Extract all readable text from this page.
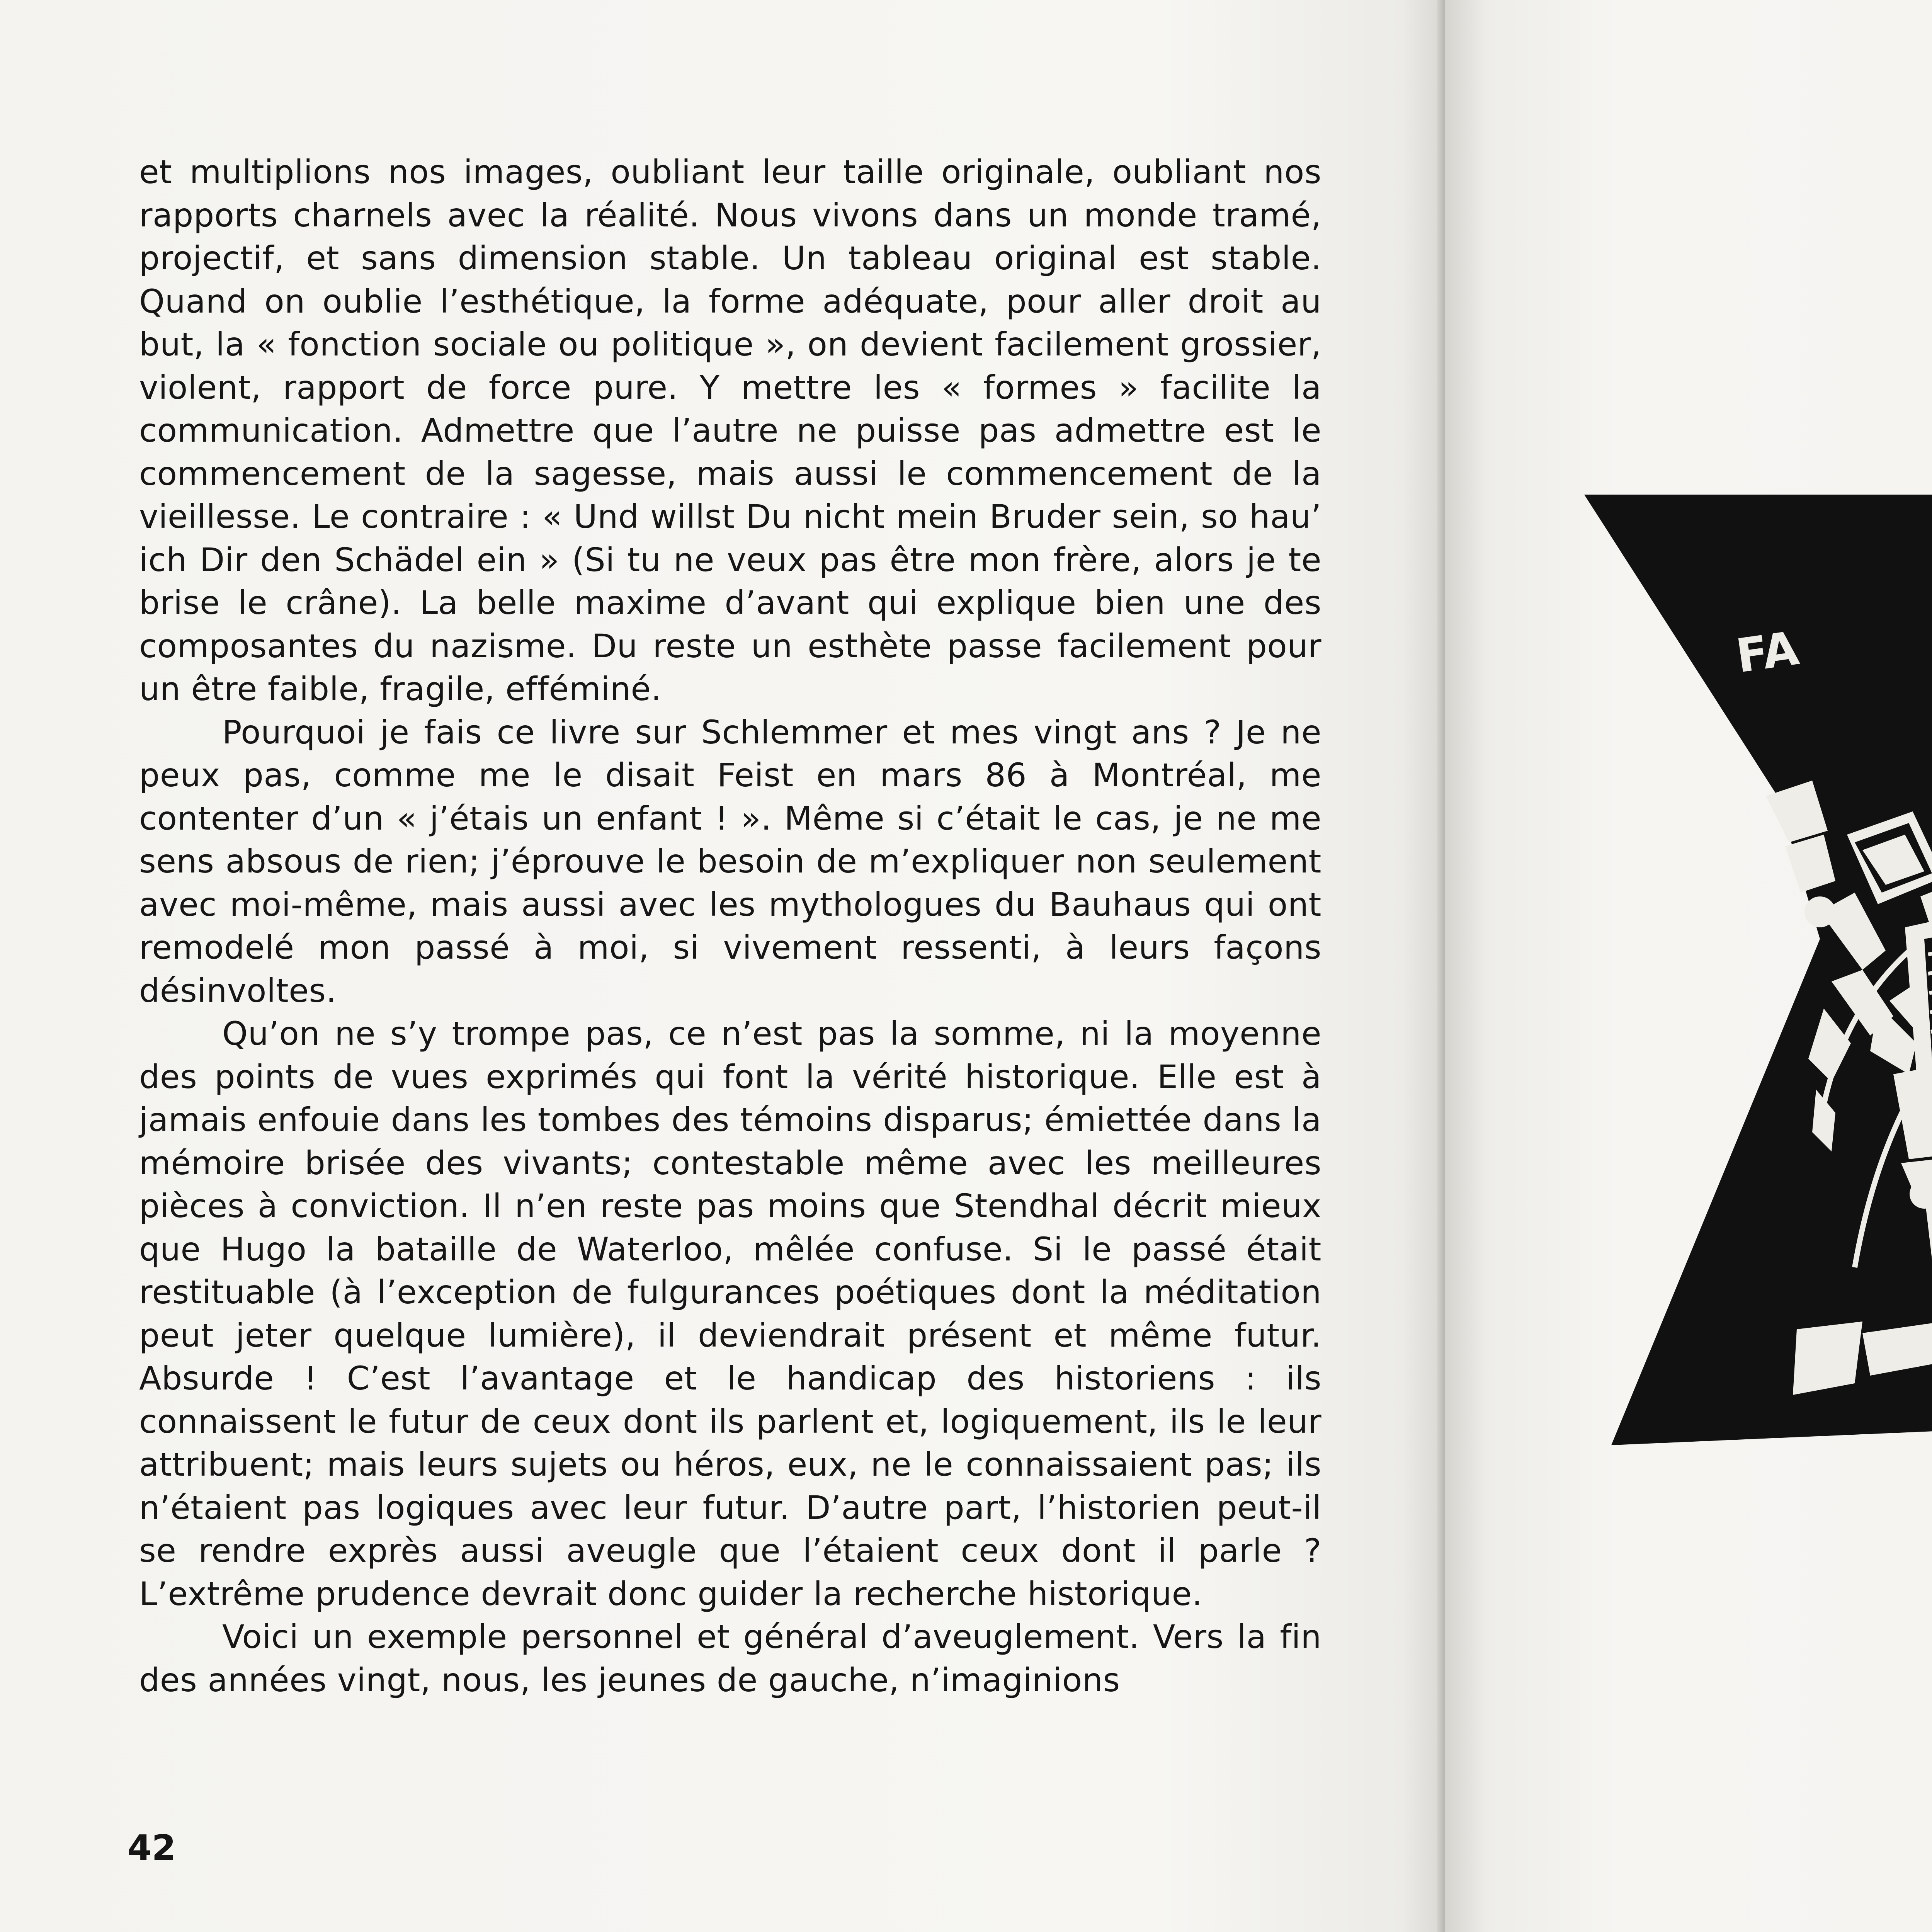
et multiplions nos images, oubliant leur taille originale, oubliant nos rapports charnels avec la réalité. Nous vivons dans un monde tramé, projectif, et sans dimension stable. Un tableau original est stable. Quand on oublie l’esthétique, la forme adéquate, pour aller droit au but, la « fonction sociale ou politique », on devient facilement grossier, violent, rapport de force pure. Y mettre les « formes » facilite la communication. Admettre que l’autre ne puisse pas admettre est le commencement de la sagesse, mais aussi le commencement de la vieillesse. Le contraire : « Und willst Du nicht mein Bruder sein, so hau’ ich Dir den Schädel ein » (Si tu ne veux pas être mon frère, alors je te brise le crâne). La belle maxime d’avant qui explique bien une des composantes du nazisme. Du reste un esthète passe facilement pour un être faible, fragile, efféminé.

Pourquoi je fais ce livre sur Schlemmer et mes vingt ans ? Je ne peux pas, comme me le disait Feist en mars 86 à Montréal, me contenter d’un « j’étais un enfant ! ». Même si c’était le cas, je ne me sens absous de rien; j’éprouve le besoin de m’expliquer non seulement avec moi-même, mais aussi avec les mythologues du Bauhaus qui ont remodelé mon passé à moi, si vivement ressenti, à leurs façons désinvoltes.

Qu’on ne s’y trompe pas, ce n’est pas la somme, ni la moyenne des points de vues exprimés qui font la vérité historique. Elle est à jamais enfouie dans les tombes des témoins disparus; émiettée dans la mémoire brisée des vivants; contestable même avec les meilleures pièces à conviction. Il n’en reste pas moins que Stendhal décrit mieux que Hugo la bataille de Waterloo, mêlée confuse. Si le passé était restituable (à l’exception de fulgurances poétiques dont la méditation peut jeter quelque lumière), il deviendrait présent et même futur. Absurde ! C’est l’avantage et le handicap des historiens : ils connaissent le futur de ceux dont ils parlent et, logiquement, ils le leur attribuent; mais leurs sujets ou héros, eux, ne le connaissaient pas; ils n’étaient pas logiques avec leur futur. D’autre part, l’historien peut-il se rendre exprès aussi aveugle que l’étaient ceux dont il parle ? L’extrême prudence devrait donc guider la recherche historique.

Voici un exemple personnel et général d’aveuglement. Vers la fin des années vingt, nous, les jeunes de gauche, n’imaginions

42
FA
